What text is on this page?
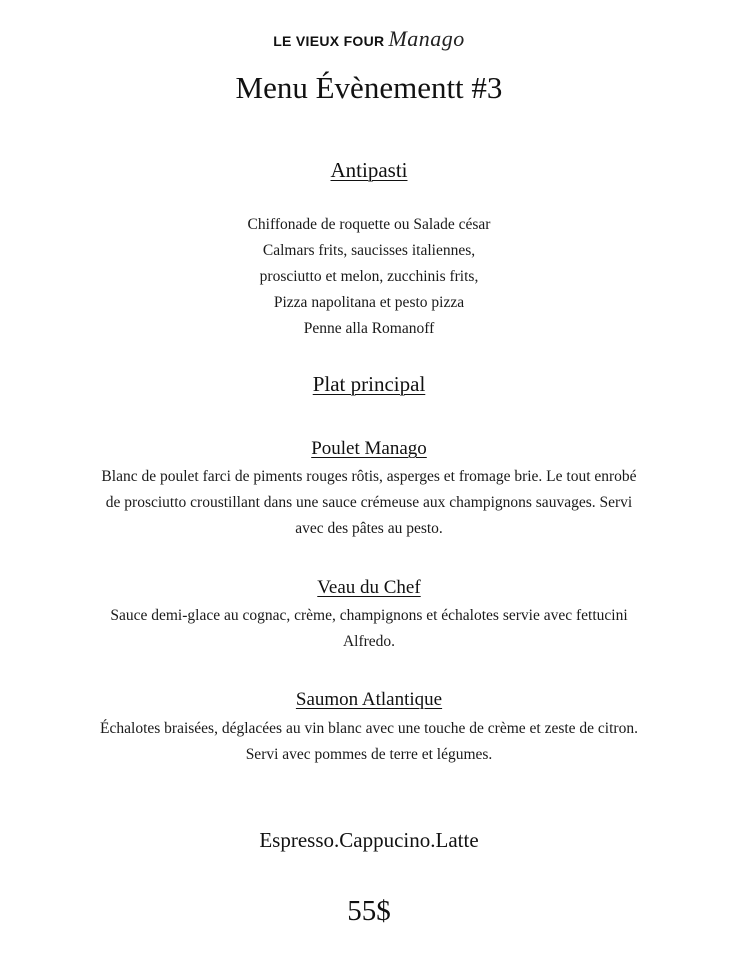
LE VIEUX FOUR Manago
Menu Évènementt #3
Antipasti
Chiffonade de roquette ou Salade césar
Calmars frits, saucisses italiennes,
prosciutto et melon, zucchinis frits,
Pizza napolitana et pesto pizza
Penne alla Romanoff
Plat principal
Poulet Manago
Blanc de poulet farci de piments rouges rôtis, asperges et fromage brie. Le tout enrobé
de prosciutto croustillant dans une sauce crémeuse aux champignons sauvages. Servi
avec des pâtes au pesto.
Veau du Chef
Sauce demi-glace au cognac, crème, champignons et échalotes servie avec fettucini
Alfredo.
Saumon Atlantique
Échalotes braisées, déglacées au vin blanc avec une touche de crème et zeste de citron.
Servi avec pommes de terre et légumes.
Espresso.Cappucino.Latte
55$
